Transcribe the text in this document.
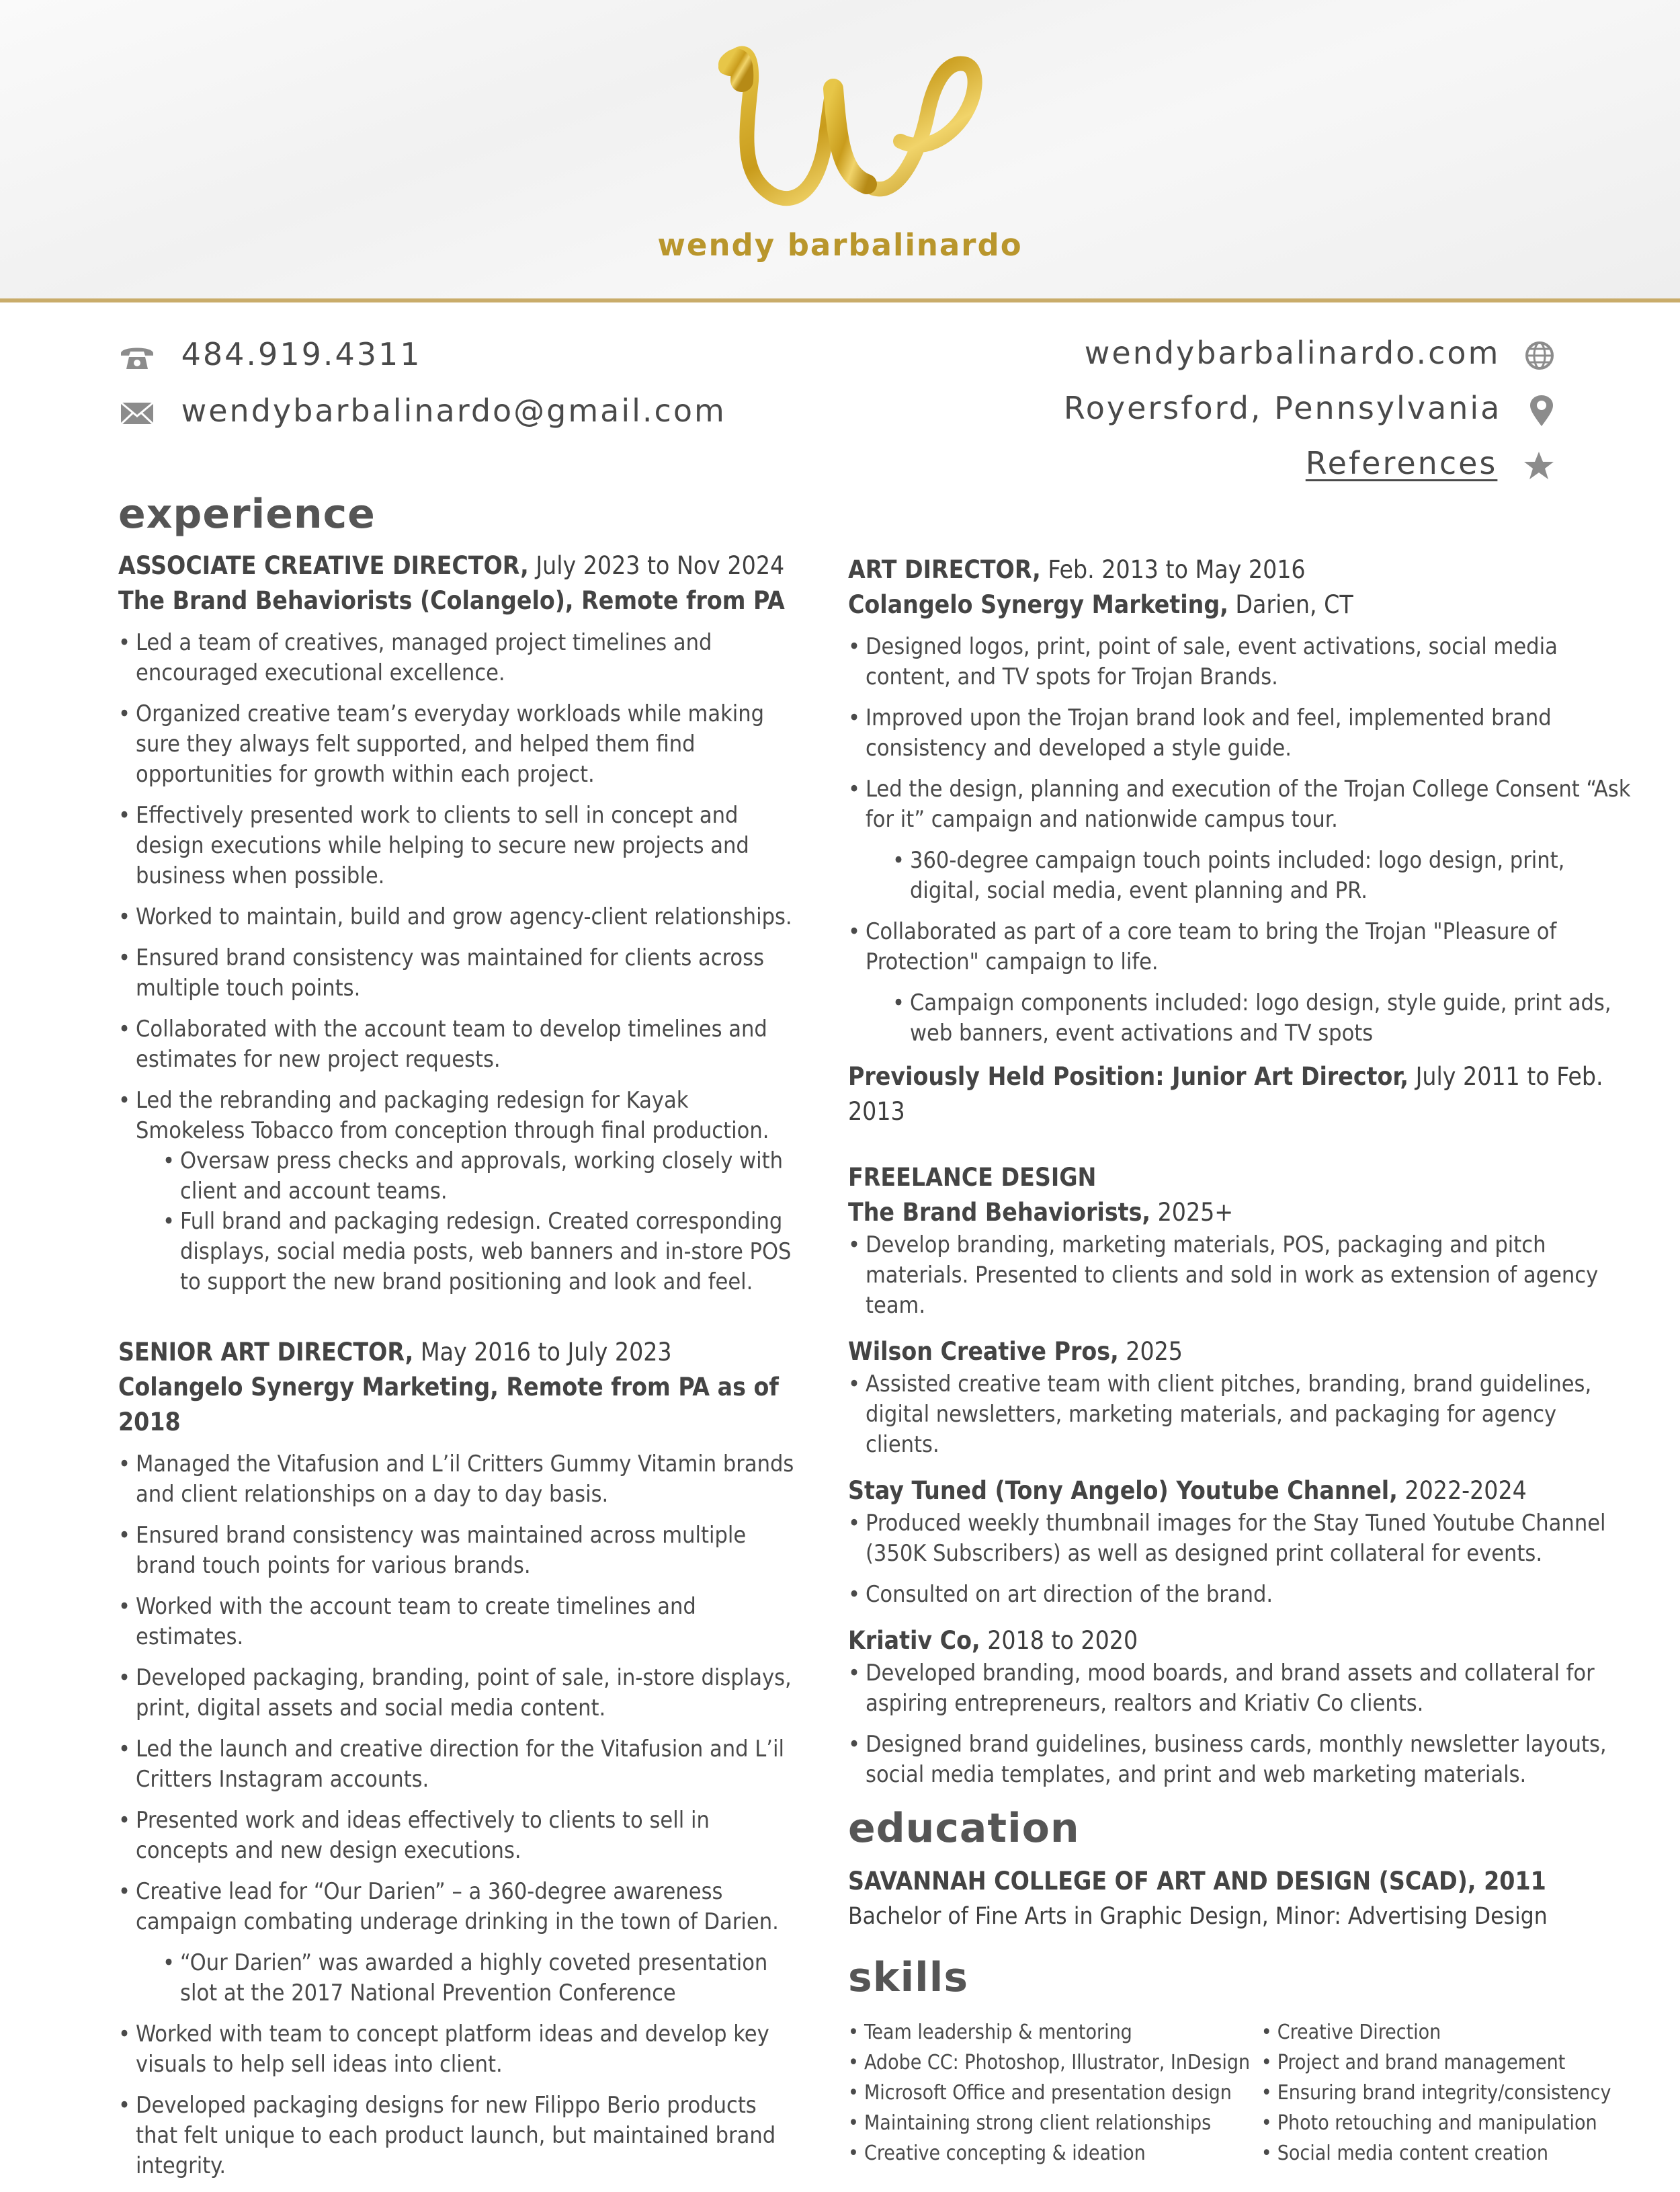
wendy barbalinardo
484.919.4311
wendybarbalinardo@gmail.com
wendybarbalinardo.com
Royersford, Pennsylvania
References
experience

ASSOCIATE CREATIVE DIRECTOR, July 2023 to Nov 2024

The Brand Behaviorists (Colangelo), Remote from PA

• Led a team of creatives, managed project timelines and encouraged executional excellence.
• Organized creative team’s everyday workloads while making sure they always felt supported, and helped them find opportunities for growth within each project.
• Effectively presented work to clients to sell in concept and design executions while helping to secure new projects and business when possible.
• Worked to maintain, build and grow agency-client relationships.
• Ensured brand consistency was maintained for clients across multiple touch points.
• Collaborated with the account team to develop timelines and estimates for new project requests.
• Led the rebranding and packaging redesign for Kayak Smokeless Tobacco from conception through final production.
• Oversaw press checks and approvals, working closely with client and account teams.
• Full brand and packaging redesign. Created corresponding displays, social media posts, web banners and in-store POS to support the new brand positioning and look and feel.

SENIOR ART DIRECTOR, May 2016 to July 2023

Colangelo Synergy Marketing, Remote from PA as of 2018

• Managed the Vitafusion and L’il Critters Gummy Vitamin brands and client relationships on a day to day basis.
• Ensured brand consistency was maintained across multiple brand touch points for various brands.
• Worked with the account team to create timelines and estimates.
• Developed packaging, branding, point of sale, in-store displays, print, digital assets and social media content.
• Led the launch and creative direction for the Vitafusion and L’il Critters Instagram accounts.
• Presented work and ideas effectively to clients to sell in concepts and new design executions.
• Creative lead for “Our Darien” – a 360-degree awareness campaign combating underage drinking in the town of Darien.
• “Our Darien” was awarded a highly coveted presentation slot at the 2017 National Prevention Conference
• Worked with team to concept platform ideas and develop key visuals to help sell ideas into client.
• Developed packaging designs for new Filippo Berio products that felt unique to each product launch, but maintained brand integrity.

ART DIRECTOR, Feb. 2013 to May 2016

Colangelo Synergy Marketing, Darien, CT

• Designed logos, print, point of sale, event activations, social media content, and TV spots for Trojan Brands.
• Improved upon the Trojan brand look and feel, implemented brand consistency and developed a style guide.
• Led the design, planning and execution of the Trojan College Consent “Ask for it” campaign and nationwide campus tour.
• 360-degree campaign touch points included: logo design, print, digital, social media, event planning and PR.
• Collaborated as part of a core team to bring the Trojan "Pleasure of Protection" campaign to life.
• Campaign components included: logo design, style guide, print ads, web banners, event activations and TV spots

Previously Held Position: Junior Art Director, July 2011 to Feb. 2013

FREELANCE DESIGN

The Brand Behaviorists, 2025+

• Develop branding, marketing materials, POS, packaging and pitch materials. Presented to clients and sold in work as extension of agency team.

Wilson Creative Pros, 2025

• Assisted creative team with client pitches, branding, brand guidelines, digital newsletters, marketing materials, and packaging for agency clients.

Stay Tuned (Tony Angelo) Youtube Channel, 2022-2024

• Produced weekly thumbnail images for the Stay Tuned Youtube Channel (350K Subscribers) as well as designed print collateral for events.
• Consulted on art direction of the brand.

Kriativ Co, 2018 to 2020

• Developed branding, mood boards, and brand assets and collateral for aspiring entrepreneurs, realtors and Kriativ Co clients.
• Designed brand guidelines, business cards, monthly newsletter layouts, social media templates, and print and web marketing materials.
education

SAVANNAH COLLEGE OF ART AND DESIGN (SCAD), 2011

Bachelor of Fine Arts in Graphic Design, Minor: Advertising Design

skills
• Team leadership & mentoring
• Adobe CC: Photoshop, Illustrator, InDesign
• Microsoft Office and presentation design
• Maintaining strong client relationships
• Creative concepting & ideation
• Creative Direction
• Project and brand management
• Ensuring brand integrity/consistency
• Photo retouching and manipulation
• Social media content creation
